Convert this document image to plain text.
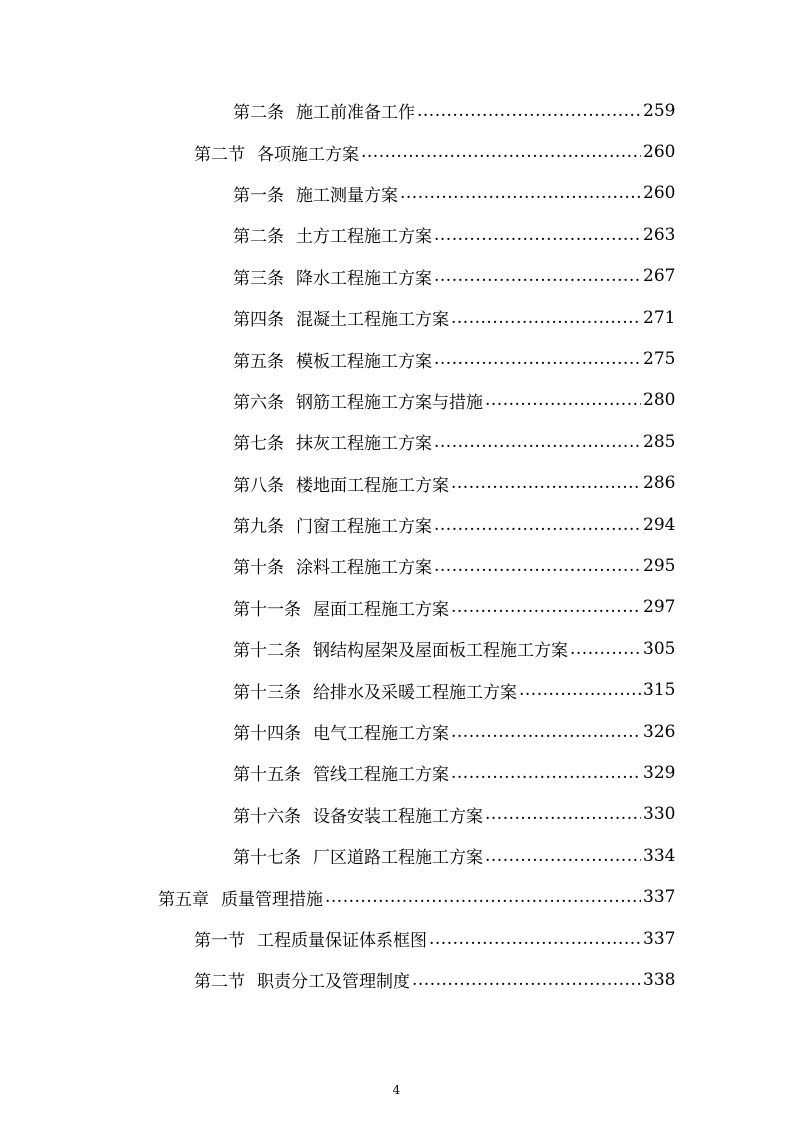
第二条 施工前准备工作 .....	259
第二节 各项施工方案 .....	260
第一条 施工测量方案 .....	260
第二条 土方工程施工方案 .....	263
第三条 降水工程施工方案 .....	267
第四条 混凝土工程施工方案 .....	271
第五条 模板工程施工方案 .....	275
第六条 钢筋工程施工方案与措施 .....	280
第七条 抹灰工程施工方案 .....	285
第八条 楼地面工程施工方案 .....	286
第九条 门窗工程施工方案 .....	294
第十条 涂料工程施工方案 .....	295
第十一条 屋面工程施工方案 .....	297
第十二条 钢结构屋架及屋面板工程施工方案 .....	305
第十三条 给排水及采暖工程施工方案 .....	315
第十四条 电气工程施工方案 .....	326
第十五条 管线工程施工方案 .....	329
第十六条 设备安装工程施工方案 .....	330
第十七条 厂区道路工程施工方案 .....	334
第五章 质量管理措施 .....	337
第一节 工程质量保证体系框图 .....	337
第二节 职责分工及管理制度 .....	338
4
